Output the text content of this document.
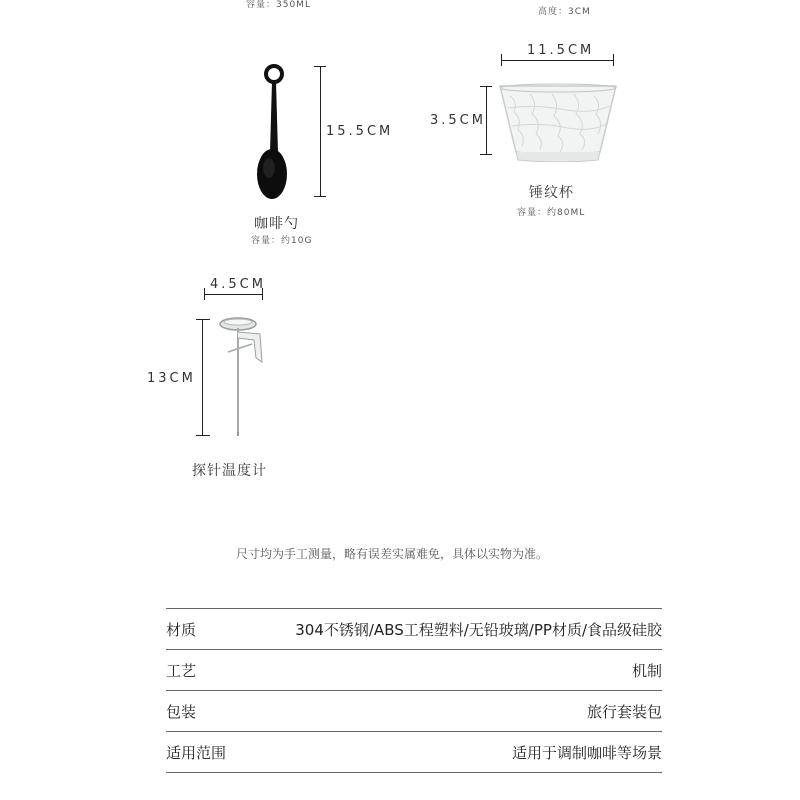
容量：350ML
高度：3CM
15.5CM
咖啡勺
容量：约10G
11.5CM
3.5CM
锤纹杯
容量：约80ML
4.5CM
13CM
探针温度计
尺寸均为手工测量，略有误差实属难免，具体以实物为准。
材质	304不锈钢/ABS工程塑料/无铅玻璃/PP材质/食品级硅胶
工艺	机制
包装	旅行套装包
适用范围	适用于调制咖啡等场景
